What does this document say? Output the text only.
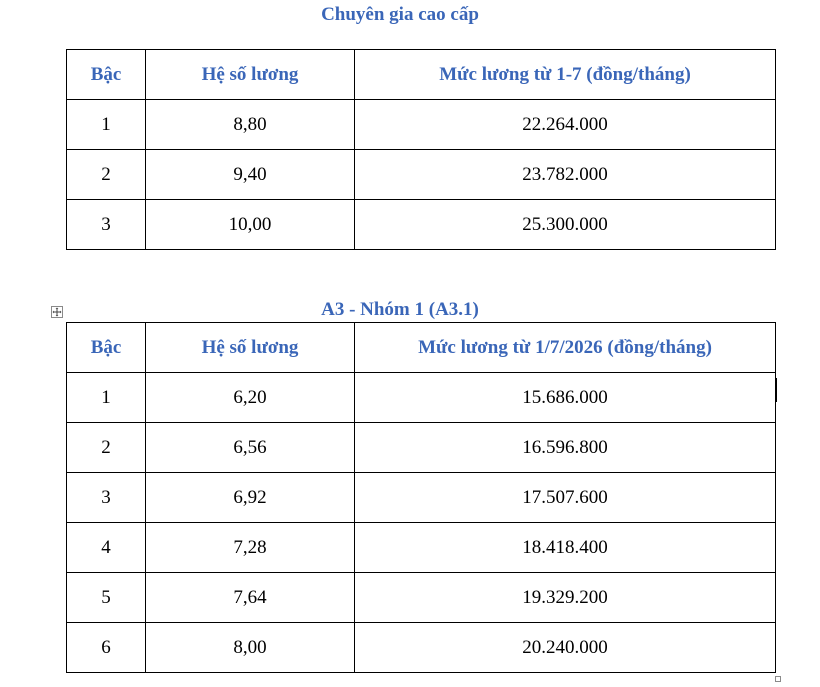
Chuyên gia cao cấp
Bậc	Hệ số lương	Mức lương từ 1-7 (đồng/tháng)
1	8,80	22.264.000
2	9,40	23.782.000
3	10,00	25.300.000
A3 - Nhóm 1 (A3.1)
Bậc	Hệ số lương	Mức lương từ 1/7/2026 (đồng/tháng)
1	6,20	15.686.000
2	6,56	16.596.800
3	6,92	17.507.600
4	7,28	18.418.400
5	7,64	19.329.200
6	8,00	20.240.000
